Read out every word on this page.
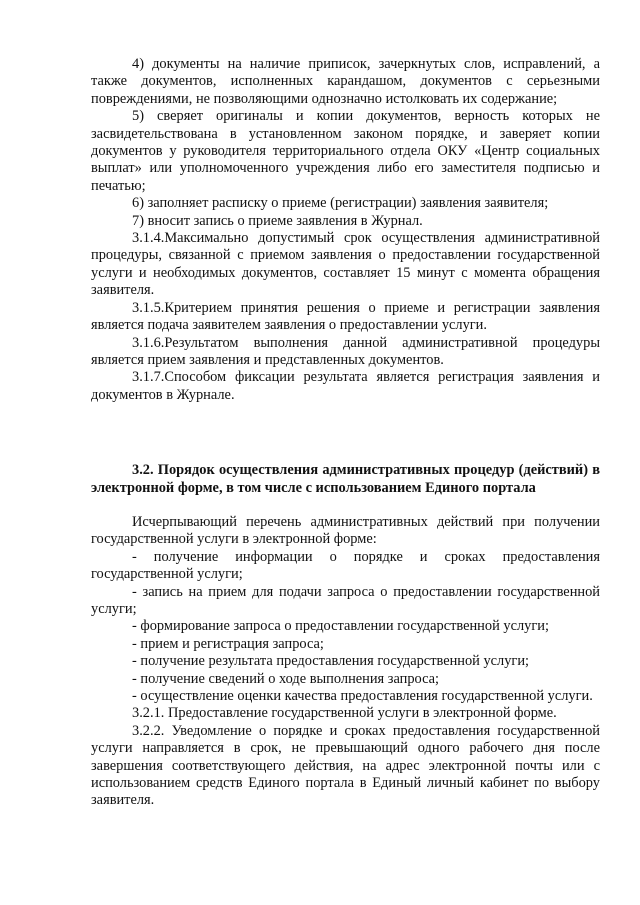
4) документы на наличие приписок, зачеркнутых слов, исправлений, а также документов, исполненных карандашом, документов с серьезными повреждениями, не позволяющими однозначно истолковать их содержание;

5) сверяет оригиналы и копии документов, верность которых не засвидетельствована в установленном законом порядке, и заверяет копии документов у руководителя территориального отдела ОКУ «Центр социальных выплат» или уполномоченного учреждения либо его заместителя подписью и печатью;

6) заполняет расписку о приеме (регистрации) заявления заявителя;

7) вносит запись о приеме заявления в Журнал.

3.1.4.Максимально допустимый срок осуществления административной процедуры, связанной с приемом заявления о предоставлении государственной услуги и необходимых документов, составляет 15 минут с момента обращения заявителя.

3.1.5.Критерием принятия решения о приеме и регистрации заявления является подача заявителем заявления о предоставлении услуги.

3.1.6.Результатом выполнения данной административной процедуры является прием заявления и представленных документов.

3.1.7.Способом фиксации результата является регистрация заявления и документов в Журнале.

3.2. Порядок осуществления административных процедур (действий) в электронной форме, в том числе с использованием Единого портала

Исчерпывающий перечень административных действий при получении государственной услуги в электронной форме:

- получение информации о порядке и сроках предоставления государственной услуги;

- запись на прием для подачи запроса о предоставлении государственной услуги;

- формирование запроса о предоставлении государственной услуги;

- прием и регистрация запроса;

- получение результата предоставления государственной услуги;

- получение сведений о ходе выполнения запроса;

- осуществление оценки качества предоставления государственной услуги.

3.2.1. Предоставление государственной услуги в электронной форме.

3.2.2. Уведомление о порядке и сроках предоставления государственной услуги направляется в срок, не превышающий одного рабочего дня после завершения соответствующего действия, на адрес электронной почты или с использованием средств Единого портала в Единый личный кабинет по выбору заявителя.
